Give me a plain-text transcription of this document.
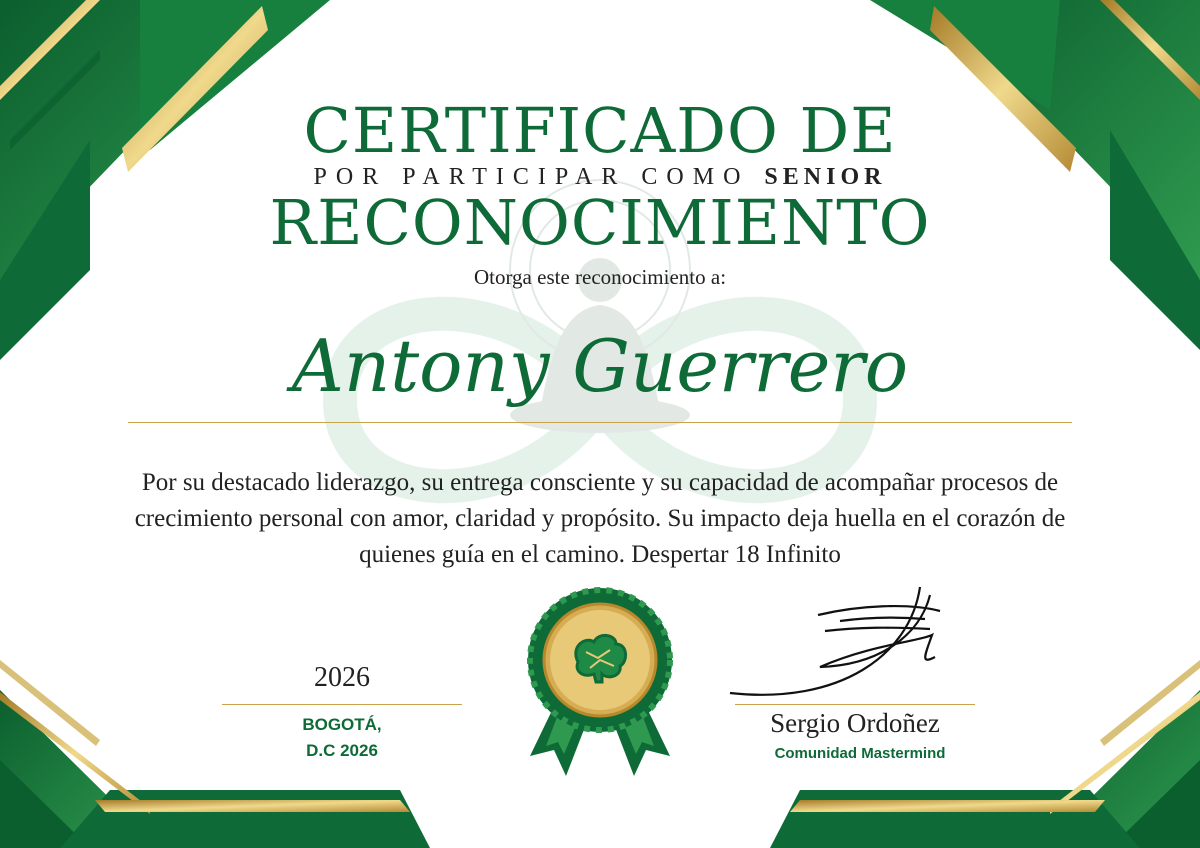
CERTIFICADO DE
POR PARTICIPAR COMO SENIOR
RECONOCIMIENTO
Otorga este reconocimiento a:
Antony Guerrero
Por su destacado liderazgo, su entrega consciente y su capacidad de acompañar procesos de crecimiento personal con amor, claridad y propósito. Su impacto deja huella en el corazón de quienes guía en el camino. Despertar 18 Infinito
2026
BOGOTÁ,
D.C 2026
Sergio Ordoñez
Comunidad Mastermind
